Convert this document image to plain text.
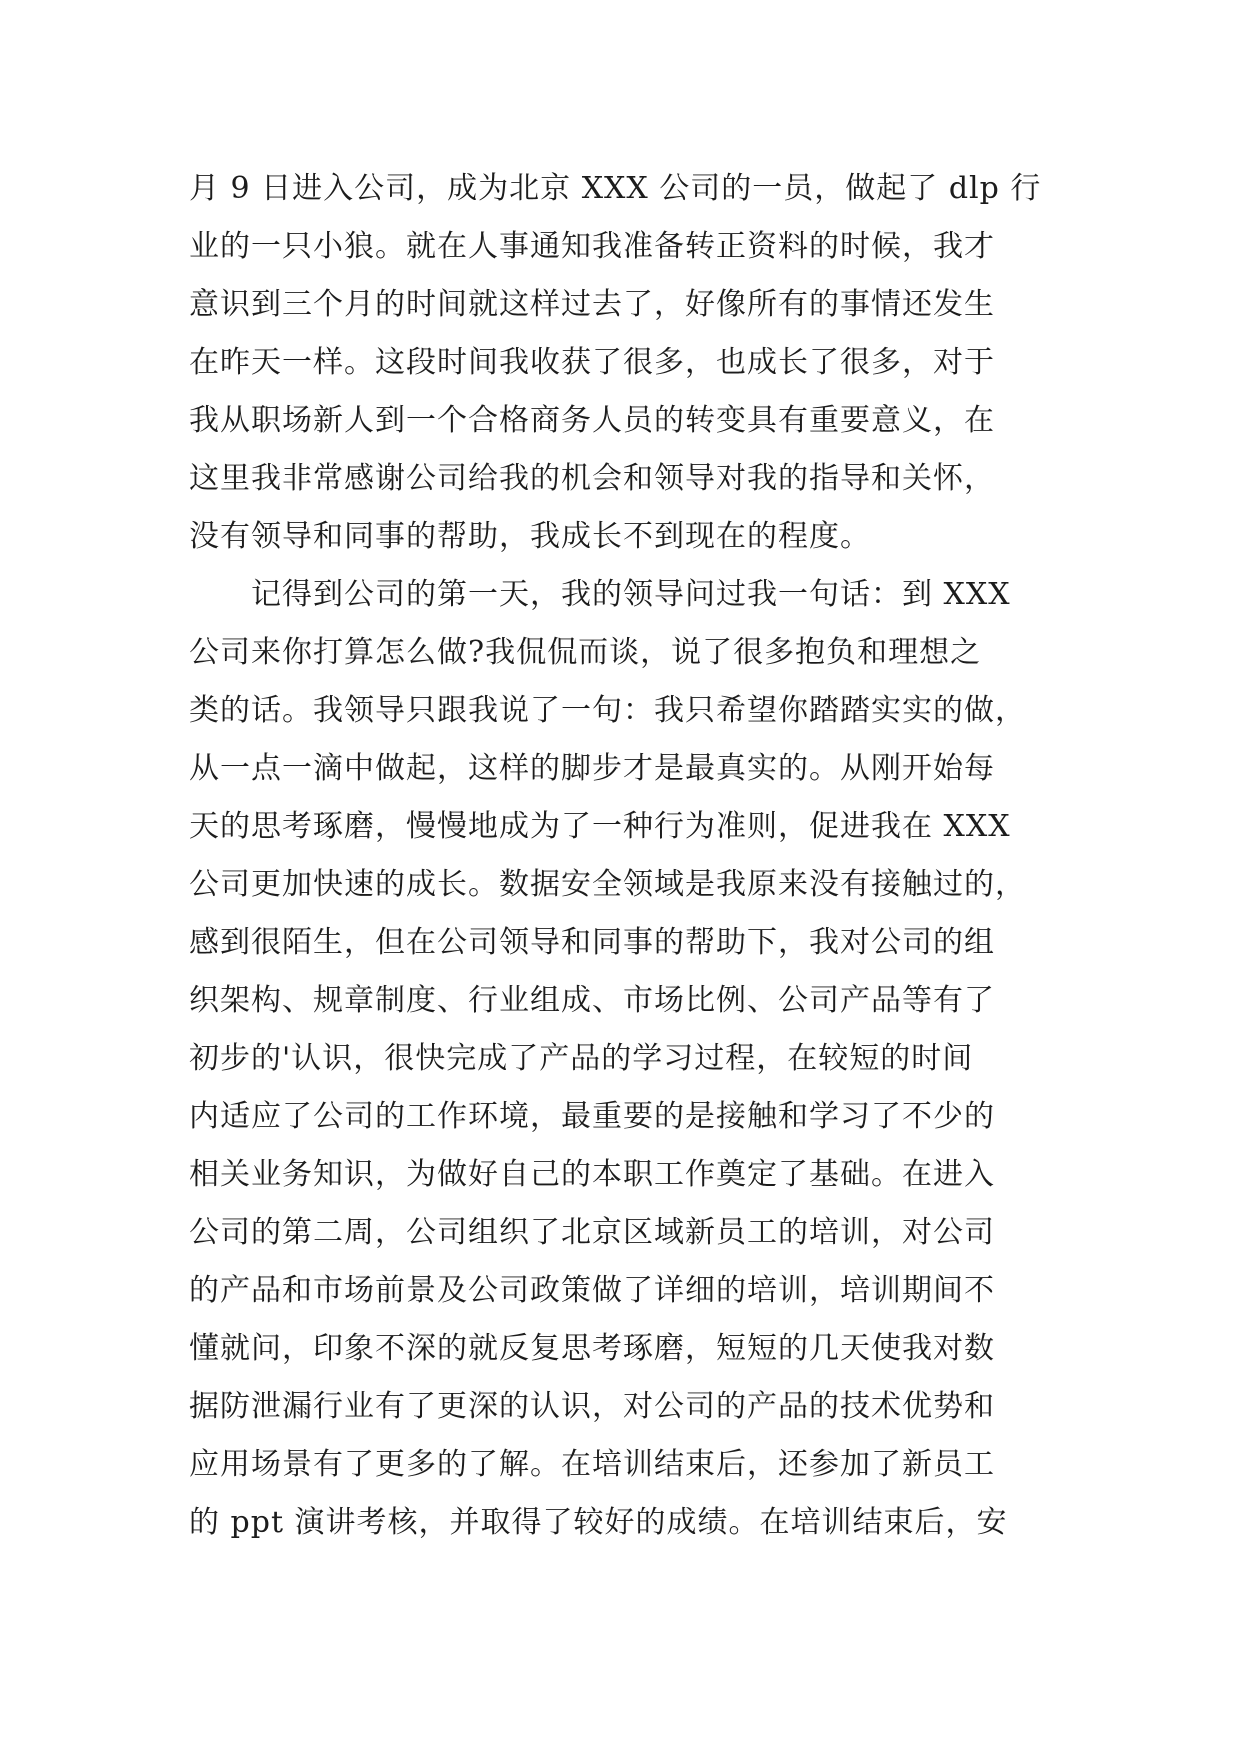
月 9 日进入公司，成为北京 XXX 公司的一员，做起了 dlp 行

业的一只小狼。就在人事通知我准备转正资料的时候，我才

意识到三个月的时间就这样过去了，好像所有的事情还发生

在昨天一样。这段时间我收获了很多，也成长了很多，对于

我从职场新人到一个合格商务人员的转变具有重要意义，在

这里我非常感谢公司给我的机会和领导对我的指导和关怀，

没有领导和同事的帮助，我成长不到现在的程度。

　　记得到公司的第一天，我的领导问过我一句话：到 XXX

公司来你打算怎么做?我侃侃而谈，说了很多抱负和理想之

类的话。我领导只跟我说了一句：我只希望你踏踏实实的做，

从一点一滴中做起，这样的脚步才是最真实的。从刚开始每

天的思考琢磨，慢慢地成为了一种行为准则，促进我在 XXX

公司更加快速的成长。数据安全领域是我原来没有接触过的，

感到很陌生，但在公司领导和同事的帮助下，我对公司的组

织架构、规章制度、行业组成、市场比例、公司产品等有了

初步的'认识，很快完成了产品的学习过程，在较短的时间

内适应了公司的工作环境，最重要的是接触和学习了不少的

相关业务知识，为做好自己的本职工作奠定了基础。在进入

公司的第二周，公司组织了北京区域新员工的培训，对公司

的产品和市场前景及公司政策做了详细的培训，培训期间不

懂就问，印象不深的就反复思考琢磨，短短的几天使我对数

据防泄漏行业有了更深的认识，对公司的产品的技术优势和

应用场景有了更多的了解。在培训结束后，还参加了新员工

的 ppt 演讲考核，并取得了较好的成绩。在培训结束后，安
